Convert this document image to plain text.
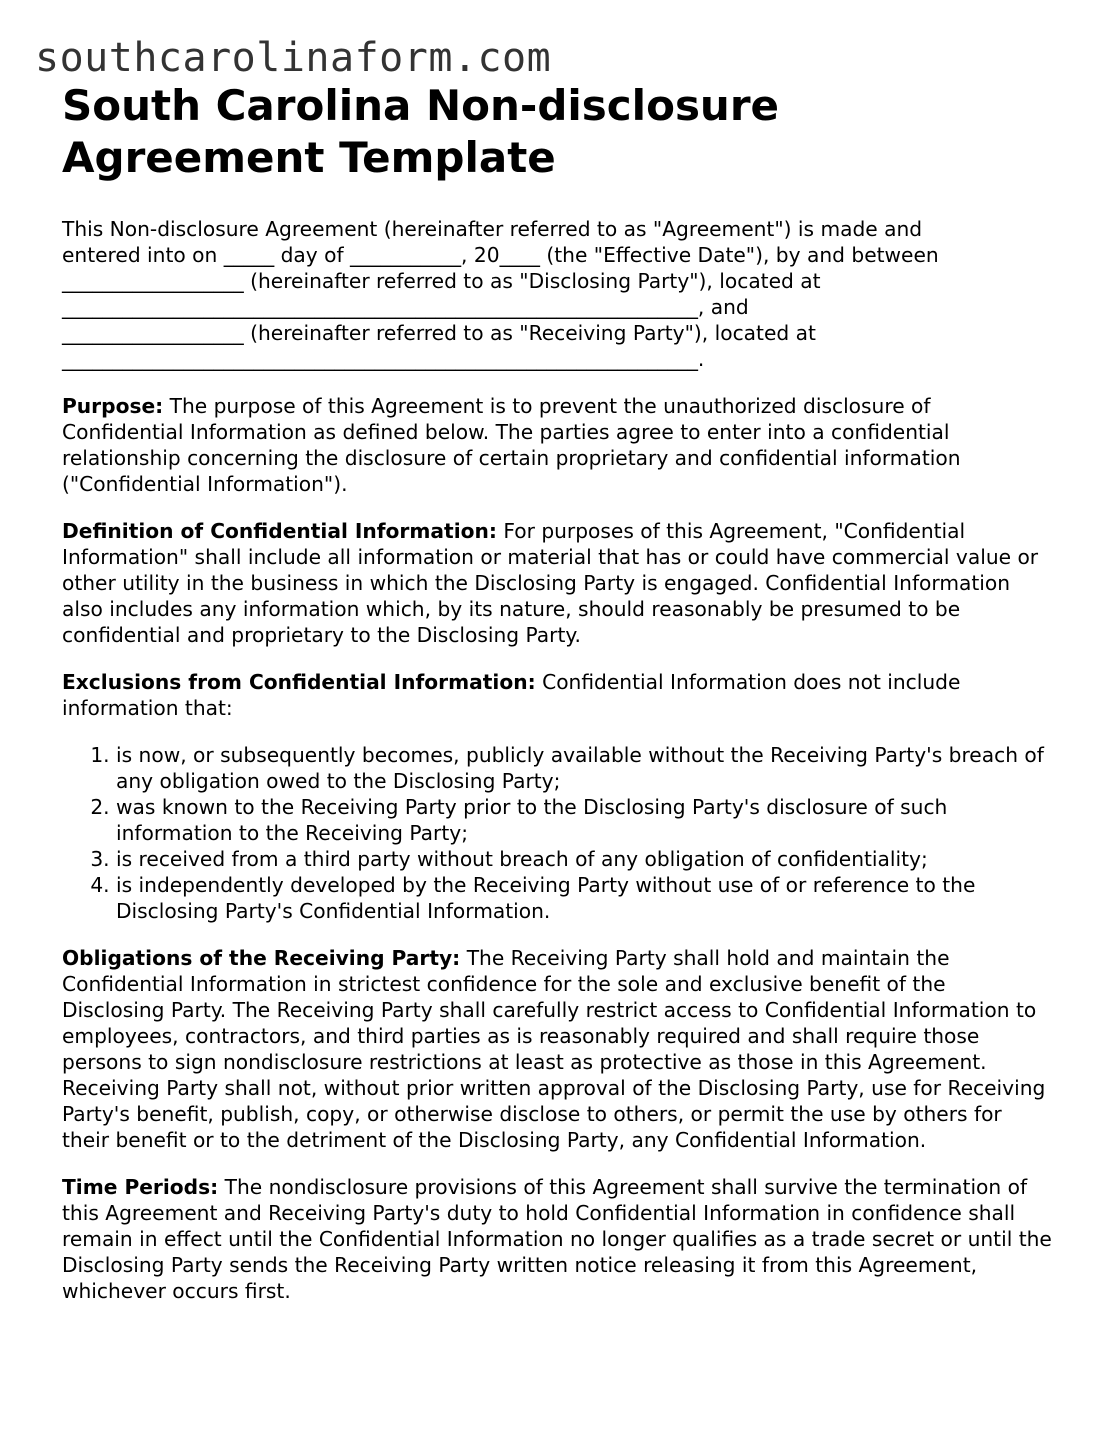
southcarolinaform.com
South Carolina Non-disclosure Agreement Template

This Non-disclosure Agreement (hereinafter referred to as "Agreement") is made and
entered into on _____ day of ___________, 20____ (the "Effective Date"), by and between
__________________ (hereinafter referred to as "Disclosing Party"), located at
_______________________________________________________________, and
__________________ (hereinafter referred to as "Receiving Party"), located at
_______________________________________________________________.

Purpose: The purpose of this Agreement is to prevent the unauthorized disclosure of Confidential Information as defined below. The parties agree to enter into a confidential relationship concerning the disclosure of certain proprietary and confidential information ("Confidential Information").

Definition of Confidential Information: For purposes of this Agreement, "Confidential Information" shall include all information or material that has or could have commercial value or other utility in the business in which the Disclosing Party is engaged. Confidential Information also includes any information which, by its nature, should reasonably be presumed to be confidential and proprietary to the Disclosing Party.

Exclusions from Confidential Information: Confidential Information does not include information that:

1. is now, or subsequently becomes, publicly available without the Receiving Party's breach of any obligation owed to the Disclosing Party;
2. was known to the Receiving Party prior to the Disclosing Party's disclosure of such information to the Receiving Party;
3. is received from a third party without breach of any obligation of confidentiality;
4. is independently developed by the Receiving Party without use of or reference to the Disclosing Party's Confidential Information.

Obligations of the Receiving Party: The Receiving Party shall hold and maintain the Confidential Information in strictest confidence for the sole and exclusive benefit of the Disclosing Party. The Receiving Party shall carefully restrict access to Confidential Information to employees, contractors, and third parties as is reasonably required and shall require those persons to sign nondisclosure restrictions at least as protective as those in this Agreement. Receiving Party shall not, without prior written approval of the Disclosing Party, use for Receiving Party's benefit, publish, copy, or otherwise disclose to others, or permit the use by others for their benefit or to the detriment of the Disclosing Party, any Confidential Information.

Time Periods: The nondisclosure provisions of this Agreement shall survive the termination of this Agreement and Receiving Party's duty to hold Confidential Information in confidence shall remain in effect until the Confidential Information no longer qualifies as a trade secret or until the Disclosing Party sends the Receiving Party written notice releasing it from this Agreement, whichever occurs first.
